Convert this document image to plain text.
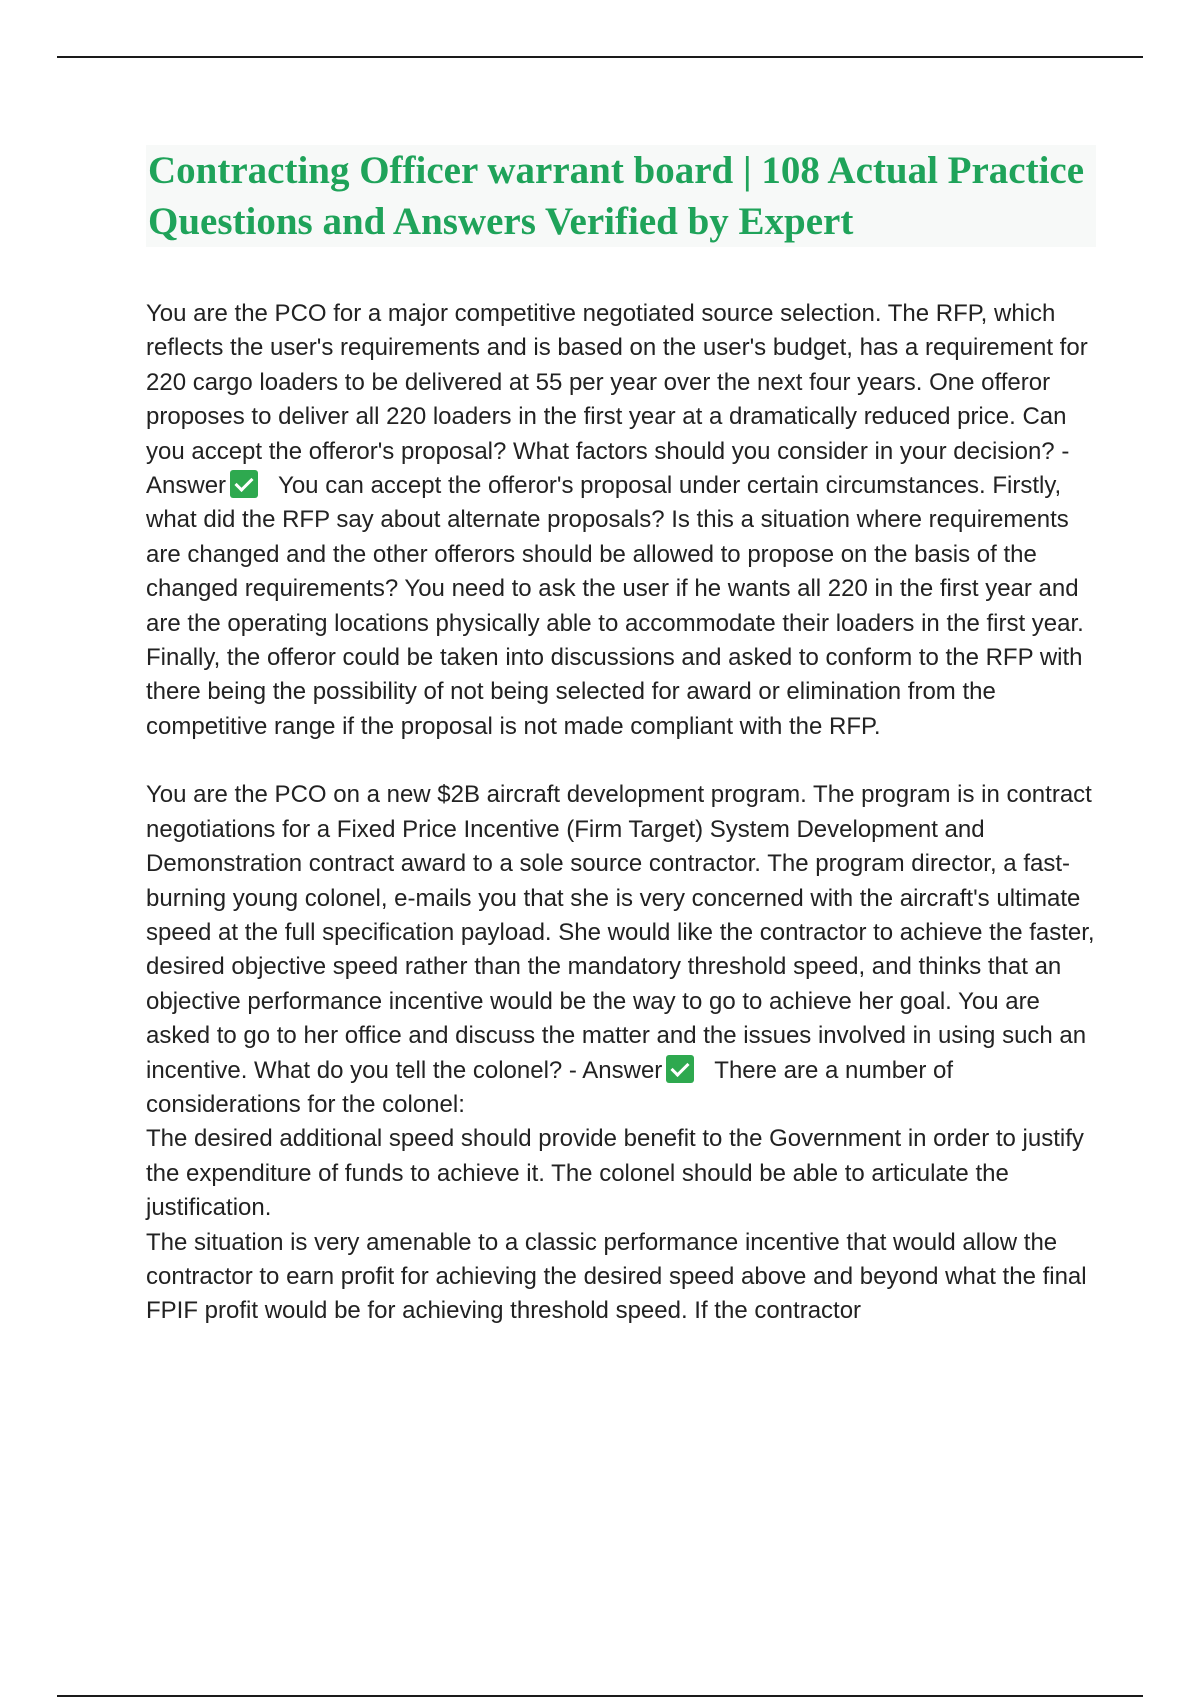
Contracting Officer warrant board | 108 Actual Practice Questions and Answers Verified by Expert

You are the PCO for a major competitive negotiated source selection. The RFP, which reflects the user's requirements and is based on the user's budget, has a requirement for 220 cargo loaders to be delivered at 55 per year over the next four years. One offeror proposes to deliver all 220 loaders in the first year at a dramatically reduced price. Can you accept the offeror's proposal? What factors should you consider in your decision? - Answer You can accept the offeror's proposal under certain circumstances. Firstly, what did the RFP say about alternate proposals? Is this a situation where requirements are changed and the other offerors should be allowed to propose on the basis of the changed requirements? You need to ask the user if he wants all 220 in the first year and are the operating locations physically able to accommodate their loaders in the first year. Finally, the offeror could be taken into discussions and asked to conform to the RFP with there being the possibility of not being selected for award or elimination from the competitive range if the proposal is not made compliant with the RFP.

You are the PCO on a new $2B aircraft development program. The program is in contract negotiations for a Fixed Price Incentive (Firm Target) System Development and Demonstration contract award to a sole source contractor. The program director, a fast-burning young colonel, e-mails you that she is very concerned with the aircraft's ultimate speed at the full specification payload. She would like the contractor to achieve the faster, desired objective speed rather than the mandatory threshold speed, and thinks that an objective performance incentive would be the way to go to achieve her goal. You are asked to go to her office and discuss the matter and the issues involved in using such an incentive. What do you tell the colonel? - Answer There are a number of considerations for the colonel:

The desired additional speed should provide benefit to the Government in order to justify the expenditure of funds to achieve it. The colonel should be able to articulate the justification.

The situation is very amenable to a classic performance incentive that would allow the contractor to earn profit for achieving the desired speed above and beyond what the final FPIF profit would be for achieving threshold speed. If the contractor
